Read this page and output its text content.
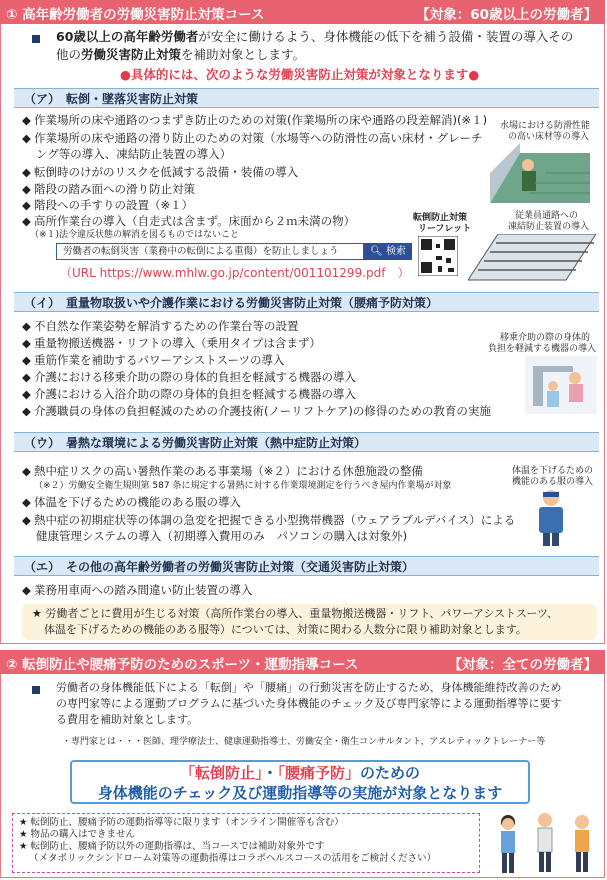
① 高年齢労働者の労働災害防止対策コース	【対象：60歳以上の労働者】
60歳以上の高年齢労働者が安全に働けるよう、身体機能の低下を補う設備・装置の導入その
他の労働災害防止対策を補助対象とします。
●具体的には、次のような労働災害防止対策が対象となります●
（ア）　転倒・墜落災害防止対策
◆ 作業場所の床や通路のつまずき防止のための対策(作業場所の床や通路の段差解消)(※１)
◆ 作業場所の床や通路の滑り防止のための対策（水場等への防滑性の高い床材・グレーチ
ング等の導入、凍結防止装置の導入）
◆ 転倒時のけがのリスクを低減する設備・装備の導入
◆ 階段の踏み面への滑り防止対策
◆ 階段への手すりの設置（※１）
◆ 高所作業台の導入（自走式は含まず。床面から２ｍ未満の物）
（※１)法令違反状態の解消を図るものではないこと
労働者の転倒災害（業務中の転倒による重傷）を防止しましょう	🔍︎ 検索
（URL https://www.mhlw.go.jp/content/001101299.pdf　）
転倒防止対策
リーフレット
水場における防滑性能
の高い床材等の導入
従業員通路への
凍結防止装置の導入
（イ）　重量物取扱いや介護作業における労働災害防止対策（腰痛予防対策）
◆ 不自然な作業姿勢を解消するための作業台等の設置
◆ 重量物搬送機器・リフトの導入（乗用タイプは含まず）
◆ 重筋作業を補助するパワーアシストスーツの導入
◆ 介護における移乗介助の際の身体的負担を軽減する機器の導入
◆ 介護における入浴介助の際の身体的負担を軽減する機器の導入
◆ 介護職員の身体の負担軽減のための介護技術(ノーリフトケア)の修得のための教育の実施
移乗介助の際の身体的
負担を軽減する機器の導入
（ウ）　暑熱な環境による労働災害防止対策（熱中症防止対策）
◆ 熱中症リスクの高い暑熱作業のある事業場（※２）における休憩施設の整備
（※２）労働安全衛生規則第 587 条に規定する暑熱に対する作業環境測定を行うべき屋内作業場が対象
◆ 体温を下げるための機能のある服の導入
◆ 熱中症の初期症状等の体調の急変を把握できる小型携帯機器（ウェアラブルデバイス）による
健康管理システムの導入（初期導入費用のみ　パソコンの購入は対象外)
体温を下げるための
機能のある服の導入
（エ）　その他の高年齢労働者の労働災害防止対策（交通災害防止対策）
◆ 業務用車両への踏み間違い防止装置の導入
★ 労働者ごとに費用が生じる対策（高所作業台の導入、重量物搬送機器・リフト、パワーアシストスーツ、
体温を下げるための機能のある服等）については、対策に関わる人数分に限り補助対象とします。
② 転倒防止や腰痛予防のためのスポーツ・運動指導コース	【対象：全ての労働者】
労働者の身体機能低下による「転倒」や「腰痛」の行動災害を防止するため、身体機能維持改善のため
の専門家等による運動プログラムに基づいた身体機能のチェック及び専門家等による運動指導等に要す
る費用を補助対象とします。
・専門家とは・・・医師、理学療法士、健康運動指導士、労働安全・衛生コンサルタント、アスレティックトレーナー等
「転倒防止」・「腰痛予防」のための
身体機能のチェック及び運動指導等の実施が対象となります
★ 転倒防止、腰痛予防の運動指導等に限ります（オンライン開催等も含む）
★ 物品の購入はできません
★ 転倒防止、腰痛予防以外の運動指導は、当コースでは補助対象外です
（メタボリックシンドローム対策等の運動指導はコラボヘルスコースの活用をご検討ください）
